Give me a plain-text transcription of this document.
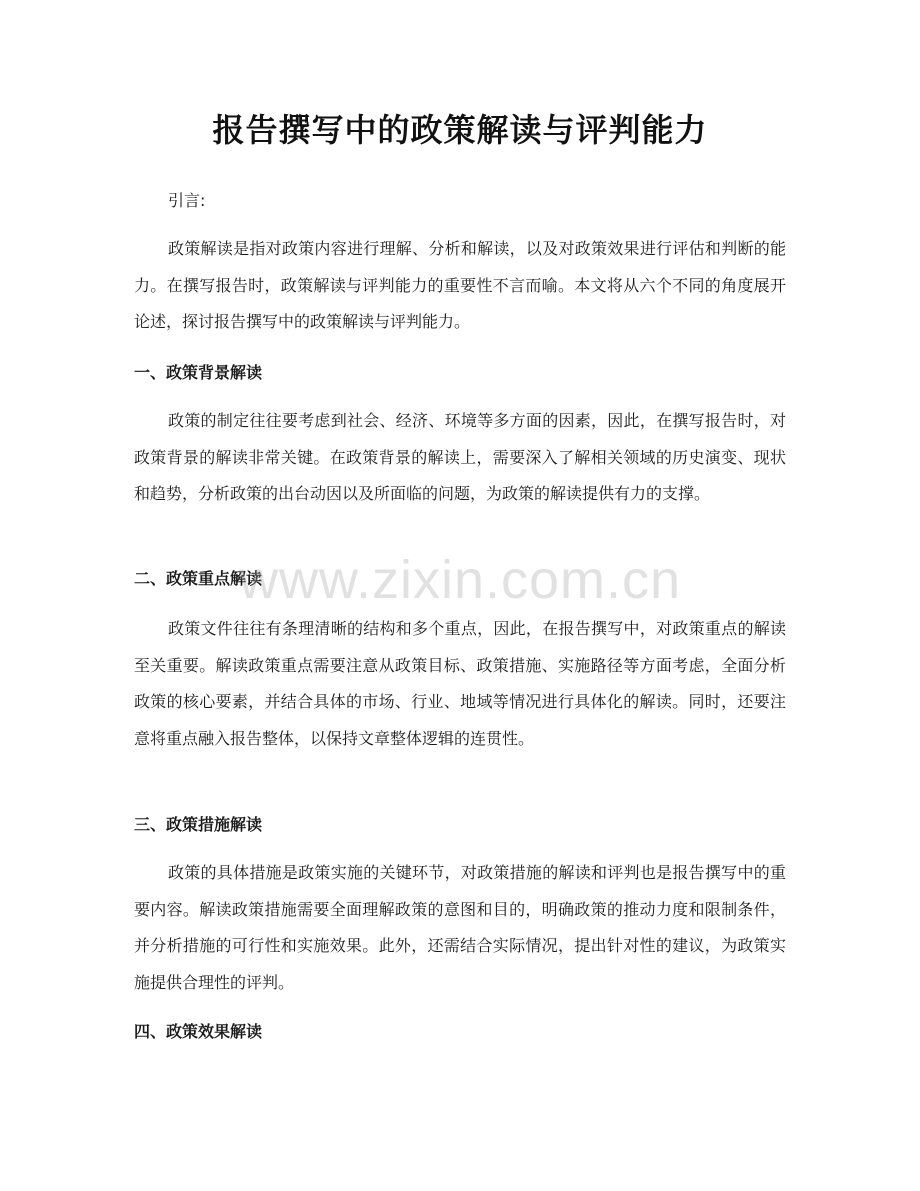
报告撰写中的政策解读与评判能力

引言:

政策解读是指对政策内容进行理解、分析和解读，以及对政策效果进行评估和判断的能力。在撰写报告时，政策解读与评判能力的重要性不言而喻。本文将从六个不同的角度展开论述，探讨报告撰写中的政策解读与评判能力。

一、政策背景解读

政策的制定往往要考虑到社会、经济、环境等多方面的因素，因此，在撰写报告时，对政策背景的解读非常关键。在政策背景的解读上，需要深入了解相关领域的历史演变、现状和趋势，分析政策的出台动因以及所面临的问题，为政策的解读提供有力的支撑。

二、政策重点解读

政策文件往往有条理清晰的结构和多个重点，因此，在报告撰写中，对政策重点的解读至关重要。解读政策重点需要注意从政策目标、政策措施、实施路径等方面考虑，全面分析政策的核心要素，并结合具体的市场、行业、地域等情况进行具体化的解读。同时，还要注意将重点融入报告整体，以保持文章整体逻辑的连贯性。

三、政策措施解读

政策的具体措施是政策实施的关键环节，对政策措施的解读和评判也是报告撰写中的重要内容。解读政策措施需要全面理解政策的意图和目的，明确政策的推动力度和限制条件，并分析措施的可行性和实施效果。此外，还需结合实际情况，提出针对性的建议，为政策实施提供合理性的评判。

四、政策效果解读
www.zixin.com.cn
